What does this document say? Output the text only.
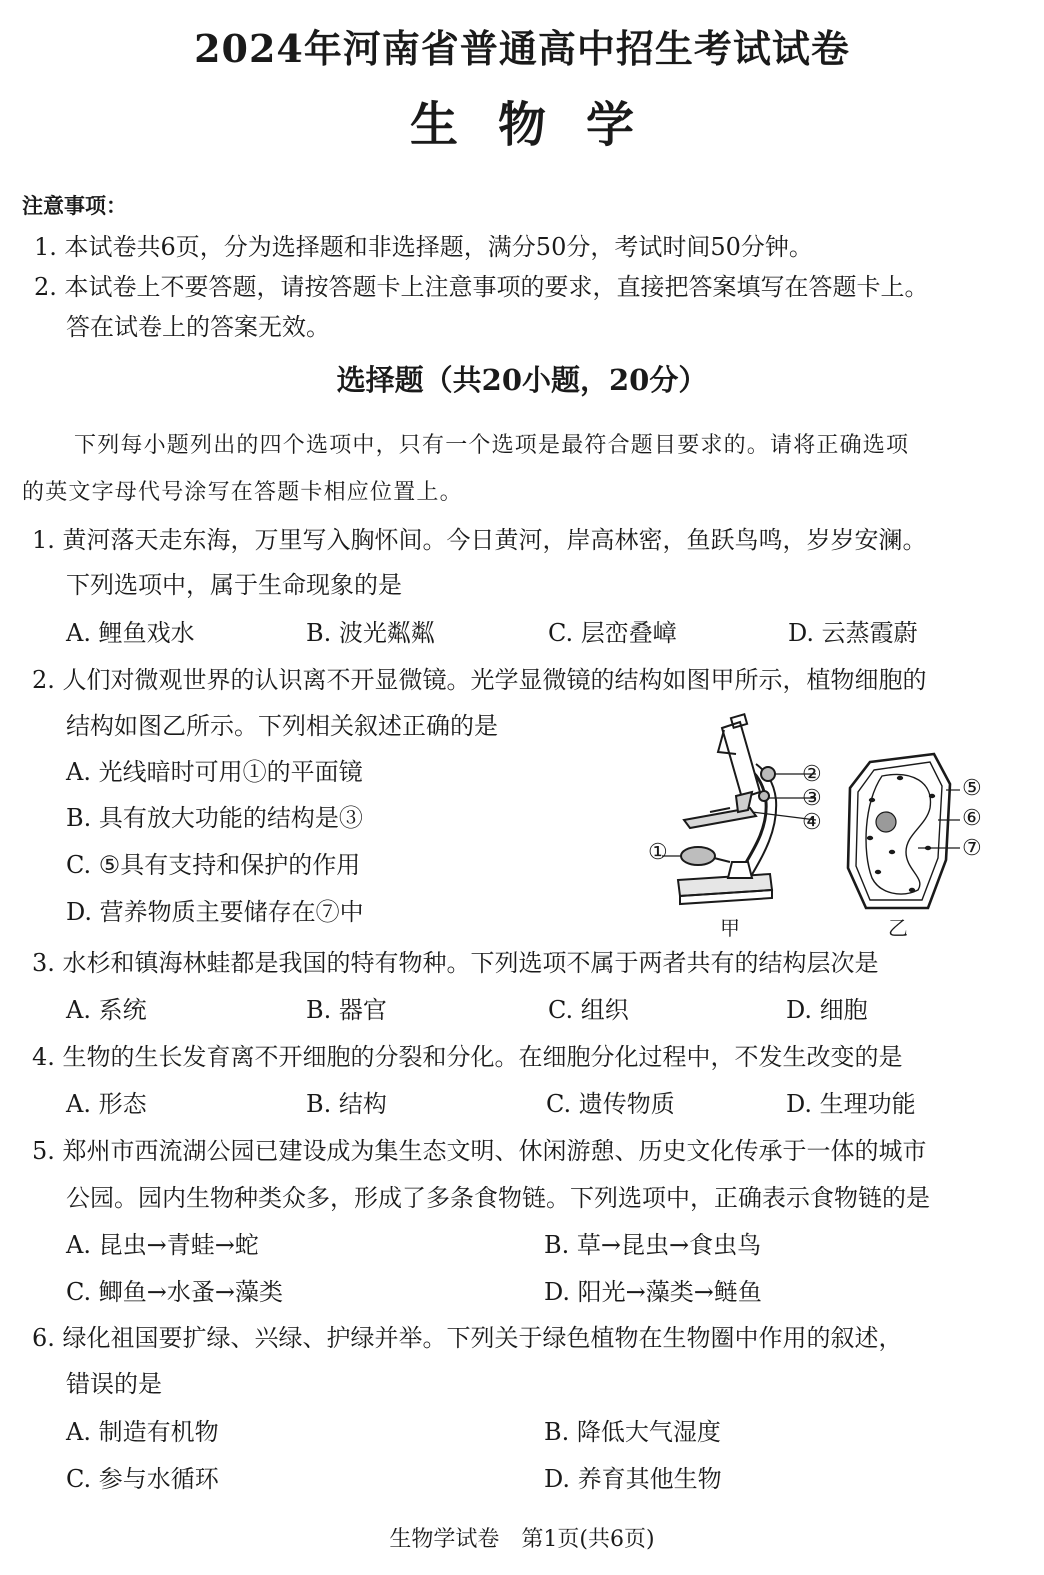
2024年河南省普通高中招生考试试卷
生物学
注意事项：
1. 本试卷共6页，分为选择题和非选择题，满分50分，考试时间50分钟。
2. 本试卷上不要答题，请按答题卡上注意事项的要求，直接把答案填写在答题卡上。
答在试卷上的答案无效。
选择题（共20小题，20分）
下列每小题列出的四个选项中，只有一个选项是最符合题目要求的。请将正确选项
的英文字母代号涂写在答题卡相应位置上。
1. 黄河落天走东海，万里写入胸怀间。今日黄河，岸高林密，鱼跃鸟鸣，岁岁安澜。
下列选项中，属于生命现象的是
A. 鲤鱼戏水	B. 波光粼粼	C. 层峦叠嶂	D. 云蒸霞蔚
2. 人们对微观世界的认识离不开显微镜。光学显微镜的结构如图甲所示，植物细胞的
结构如图乙所示。下列相关叙述正确的是
A. 光线暗时可用①的平面镜
B. 具有放大功能的结构是③
C. ⑤具有支持和保护的作用
D. 营养物质主要储存在⑦中
①
②
③
④
甲
⑤
⑥
⑦
乙
3. 水杉和镇海林蛙都是我国的特有物种。下列选项不属于两者共有的结构层次是
A. 系统	B. 器官	C. 组织	D. 细胞
4. 生物的生长发育离不开细胞的分裂和分化。在细胞分化过程中，不发生改变的是
A. 形态	B. 结构	C. 遗传物质	D. 生理功能
5. 郑州市西流湖公园已建设成为集生态文明、休闲游憩、历史文化传承于一体的城市
公园。园内生物种类众多，形成了多条食物链。下列选项中，正确表示食物链的是
A. 昆虫→青蛙→蛇	B. 草→昆虫→食虫鸟
C. 鲫鱼→水蚤→藻类	D. 阳光→藻类→鲢鱼
6. 绿化祖国要扩绿、兴绿、护绿并举。下列关于绿色植物在生物圈中作用的叙述，
错误的是
A. 制造有机物	B. 降低大气湿度
C. 参与水循环	D. 养育其他生物
生物学试卷　第1页(共6页)
